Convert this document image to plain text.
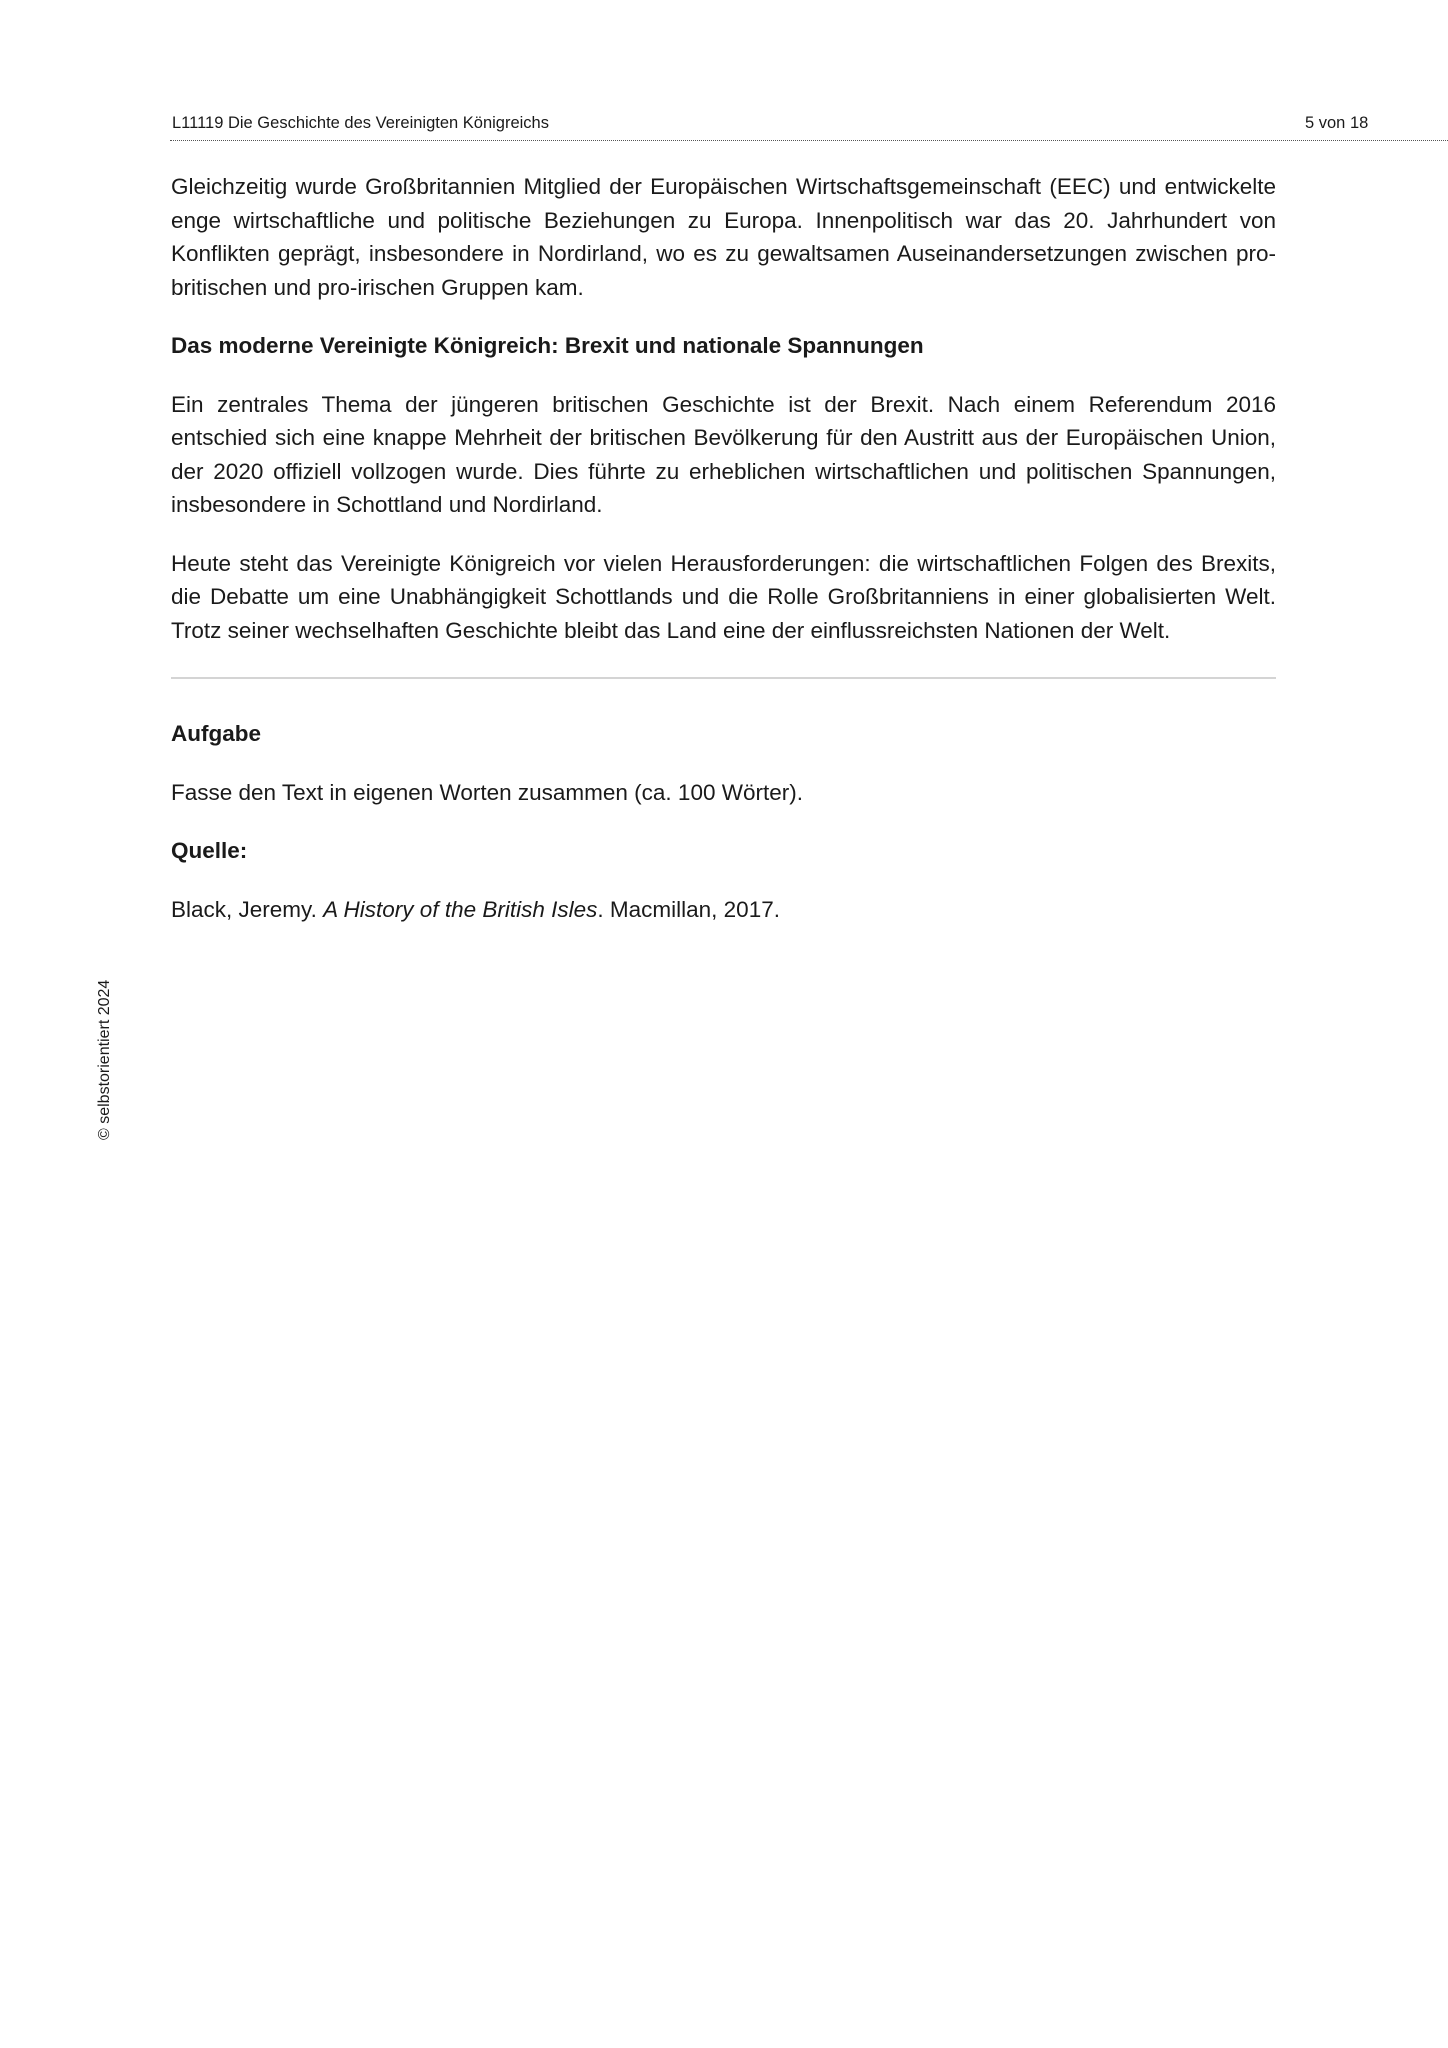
L11119 Die Geschichte des Vereinigten Königreichs	5 von 18

Gleichzeitig wurde Großbritannien Mitglied der Europäischen Wirtschaftsgemeinschaft (EEC) und entwickelte enge wirtschaftliche und politische Beziehungen zu Europa. Innenpolitisch war das 20. Jahrhundert von Konflikten geprägt, insbesondere in Nordirland, wo es zu gewaltsamen Auseinandersetzungen zwischen pro-britischen und pro-irischen Gruppen kam.

Das moderne Vereinigte Königreich: Brexit und nationale Spannungen

Ein zentrales Thema der jüngeren britischen Geschichte ist der Brexit. Nach einem Referendum 2016 entschied sich eine knappe Mehrheit der britischen Bevölkerung für den Austritt aus der Europäischen Union, der 2020 offiziell vollzogen wurde. Dies führte zu erheblichen wirtschaftlichen und politischen Spannungen, insbesondere in Schottland und Nordirland.

Heute steht das Vereinigte Königreich vor vielen Herausforderungen: die wirtschaftlichen Folgen des Brexits, die Debatte um eine Unabhängigkeit Schottlands und die Rolle Großbritanniens in einer globalisierten Welt. Trotz seiner wechselhaften Geschichte bleibt das Land eine der einflussreichsten Nationen der Welt.

Aufgabe

Fasse den Text in eigenen Worten zusammen (ca. 100 Wörter).

Quelle:

Black, Jeremy. A History of the British Isles. Macmillan, 2017.

© selbstorientiert 2024
